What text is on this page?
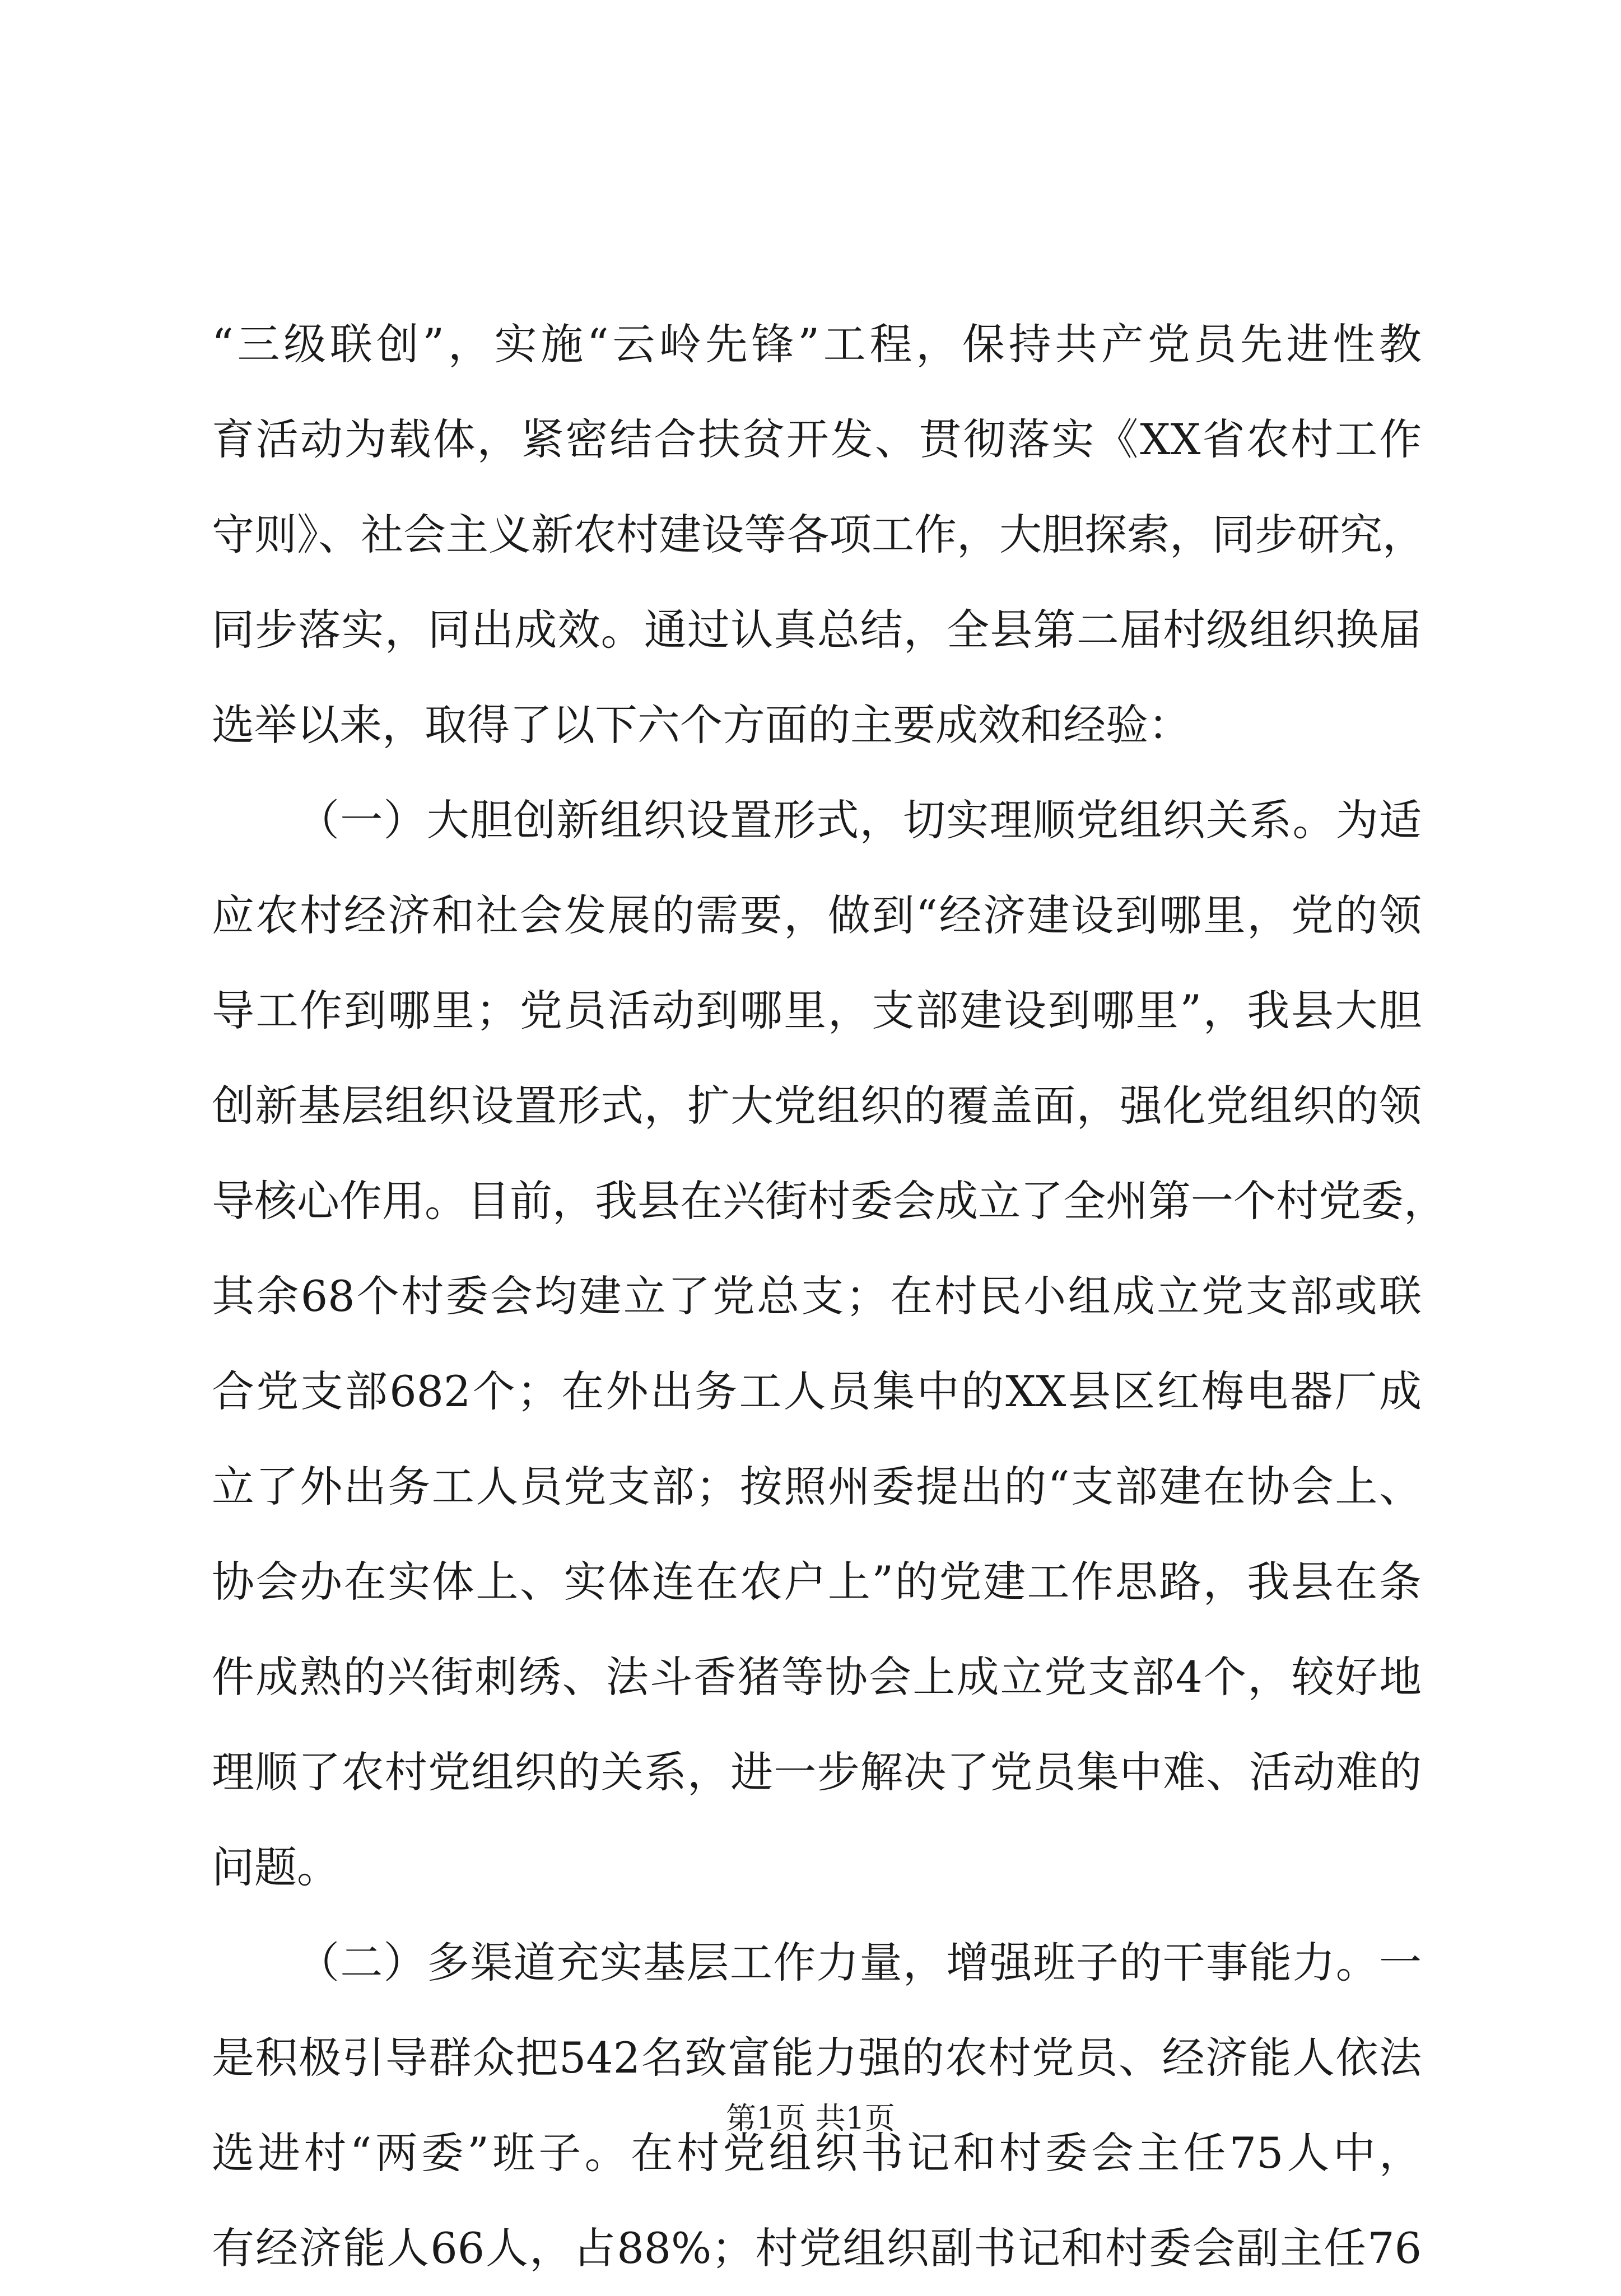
“三级联创”，实施“云岭先锋”工程，保持共产党员先进性教
育活动为载体，紧密结合扶贫开发、贯彻落实《XX省农村工作
守则》、社会主义新农村建设等各项工作，大胆探索，同步研究，
同步落实，同出成效。通过认真总结，全县第二届村级组织换届
选举以来，取得了以下六个方面的主要成效和经验：
（一）大胆创新组织设置形式，切实理顺党组织关系。为适
应农村经济和社会发展的需要，做到“经济建设到哪里，党的领
导工作到哪里；党员活动到哪里，支部建设到哪里”，我县大胆
创新基层组织设置形式，扩大党组织的覆盖面，强化党组织的领
导核心作用。目前，我县在兴街村委会成立了全州第一个村党委，
其余68个村委会均建立了党总支；在村民小组成立党支部或联
合党支部682个；在外出务工人员集中的XX县区红梅电器厂成
立了外出务工人员党支部；按照州委提出的“支部建在协会上、
协会办在实体上、实体连在农户上”的党建工作思路，我县在条
件成熟的兴街刺绣、法斗香猪等协会上成立党支部4个，较好地
理顺了农村党组织的关系，进一步解决了党员集中难、活动难的
问题。
（二）多渠道充实基层工作力量，增强班子的干事能力。一
是积极引导群众把542名致富能力强的农村党员、经济能人依法
选进村“两委”班子。在村党组织书记和村委会主任75人中，
有经济能人66人，占88%；村党组织副书记和村委会副主任76
第1页 共1页
